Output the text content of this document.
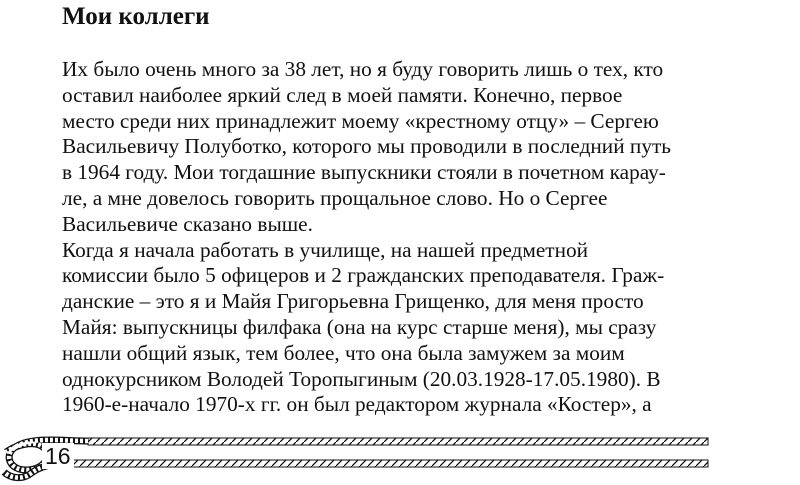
Мои коллеги
Их было очень много за 38 лет, но я буду говорить лишь о тех, кто
оставил наиболее яркий след в моей памяти. Конечно, первое
место среди них принадлежит моему «крестному отцу» – Сергею
Васильевичу Полуботко, которого мы проводили в последний путь
в 1964 году. Мои тогдашние выпускники стояли в почетном карау-
ле, а мне довелось говорить прощальное слово. Но о Сергее
Васильевиче сказано выше.
Когда я начала работать в училище, на нашей предметной
комиссии было 5 офицеров и 2 гражданских преподавателя. Граж-
данские – это я и Майя Григорьевна Грищенко, для меня просто
Майя: выпускницы филфака (она на курс старше меня), мы сразу
нашли общий язык, тем более, что она была замужем за моим
однокурсником Володей Торопыгиным (20.03.1928-17.05.1980). В
1960-е-начало 1970-х гг. он был редактором журнала «Костер», а
16
